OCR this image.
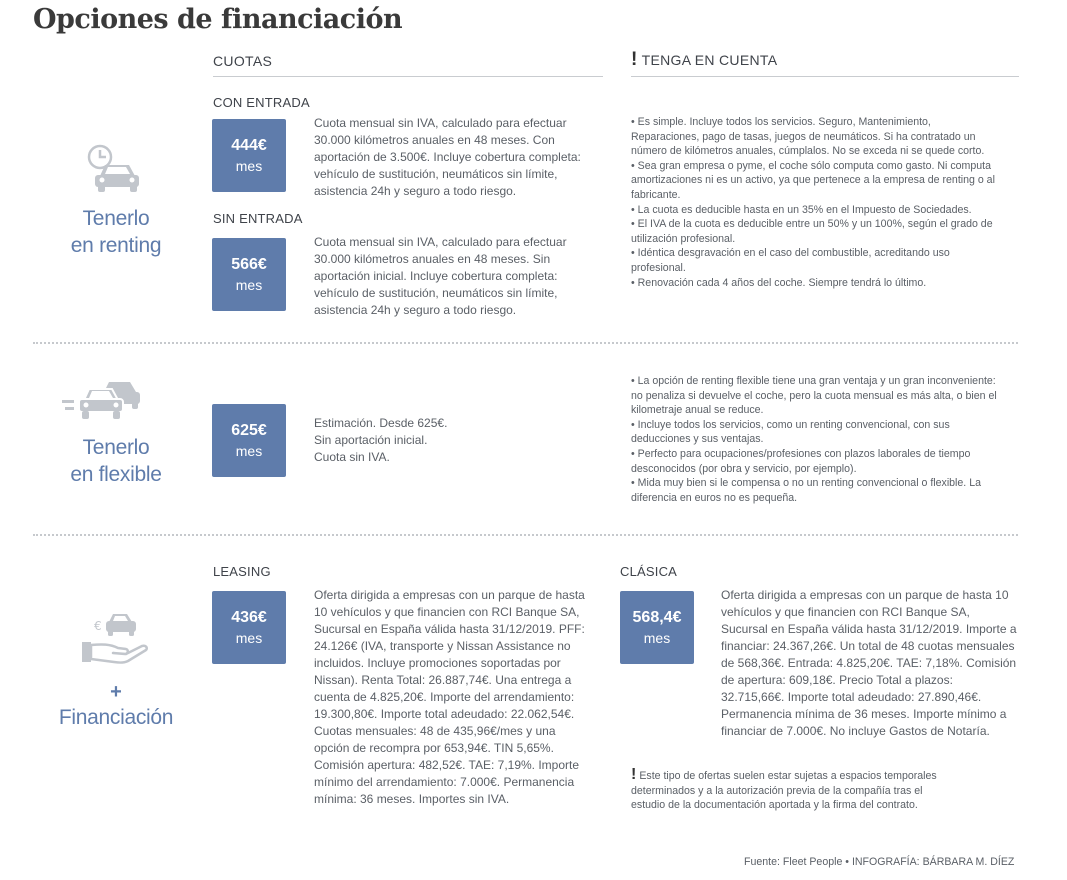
Opciones de financiación
CUOTAS	! TENGA EN CUENTA
Tenerlo
en renting
CON ENTRADA
444€
mes
Cuota mensual sin IVA, calculado para efectuar 30.000 kilómetros anuales en 48 meses. Con aportación de 3.500€. Incluye cobertura completa: vehículo de sustitución, neumáticos sin límite, asistencia 24h y seguro a todo riesgo.
SIN ENTRADA
566€
mes
Cuota mensual sin IVA, calculado para efectuar 30.000 kilómetros anuales en 48 meses. Sin aportación inicial. Incluye cobertura completa: vehículo de sustitución, neumáticos sin límite, asistencia 24h y seguro a todo riesgo.
• Es simple. Incluye todos los servicios. Seguro, Mantenimiento, Reparaciones, pago de tasas, juegos de neumáticos. Si ha contratado un número de kilómetros anuales, cúmplalos. No se exceda ni se quede corto.
• Sea gran empresa o pyme, el coche sólo computa como gasto. Ni computa amortizaciones ni es un activo, ya que pertenece a la empresa de renting o al fabricante.
• La cuota es deducible hasta en un 35% en el Impuesto de Sociedades.
• El IVA de la cuota es deducible entre un 50% y un 100%, según el grado de utilización profesional.
• Idéntica desgravación en el caso del combustible, acreditando uso profesional.
• Renovación cada 4 años del coche. Siempre tendrá lo último.
Tenerlo
en flexible
625€
mes
Estimación. Desde 625€.
Sin aportación inicial.
Cuota sin IVA.
• La opción de renting flexible tiene una gran ventaja y un gran inconveniente: no penaliza si devuelve el coche, pero la cuota mensual es más alta, o bien el kilometraje anual se reduce.
• Incluye todos los servicios, como un renting convencional, con sus deducciones y sus ventajas.
• Perfecto para ocupaciones/profesiones con plazos laborales de tiempo desconocidos (por obra y servicio, por ejemplo).
• Mida muy bien si le compensa o no un renting convencional o flexible. La diferencia en euros no es pequeña.
€
+
Financiación
LEASING
436€
mes
Oferta dirigida a empresas con un parque de hasta 10 vehículos y que financien con RCI Banque SA, Sucursal en España válida hasta 31/12/2019. PFF: 24.126€ (IVA, transporte y Nissan Assistance no incluidos. Incluye promociones soportadas por Nissan). Renta Total: 26.887,74€. Una entrega a cuenta de 4.825,20€. Importe del arrendamiento: 19.300,80€. Importe total adeudado: 22.062,54€. Cuotas mensuales: 48 de 435,96€/mes y una opción de recompra por 653,94€. TIN 5,65%. Comisión apertura: 482,52€. TAE: 7,19%. Importe mínimo del arrendamiento: 7.000€. Permanencia mínima: 36 meses. Importes sin IVA.
CLÁSICA
568,4€
mes
Oferta dirigida a empresas con un parque de hasta 10 vehículos y que financien con RCI Banque SA, Sucursal en España válida hasta 31/12/2019. Importe a financiar: 24.367,26€. Un total de 48 cuotas mensuales de 568,36€. Entrada: 4.825,20€. TAE: 7,18%. Comisión de apertura: 609,18€. Precio Total a plazos: 32.715,66€. Importe total adeudado: 27.890,46€. Permanencia mínima de 36 meses. Importe mínimo a financiar de 7.000€. No incluye Gastos de Notaría.
! Este tipo de ofertas suelen estar sujetas a espacios temporales determinados y a la autorización previa de la compañía tras el estudio de la documentación aportada y la firma del contrato.
Fuente: Fleet People • INFOGRAFÍA: BÁRBARA M. DÍEZ
